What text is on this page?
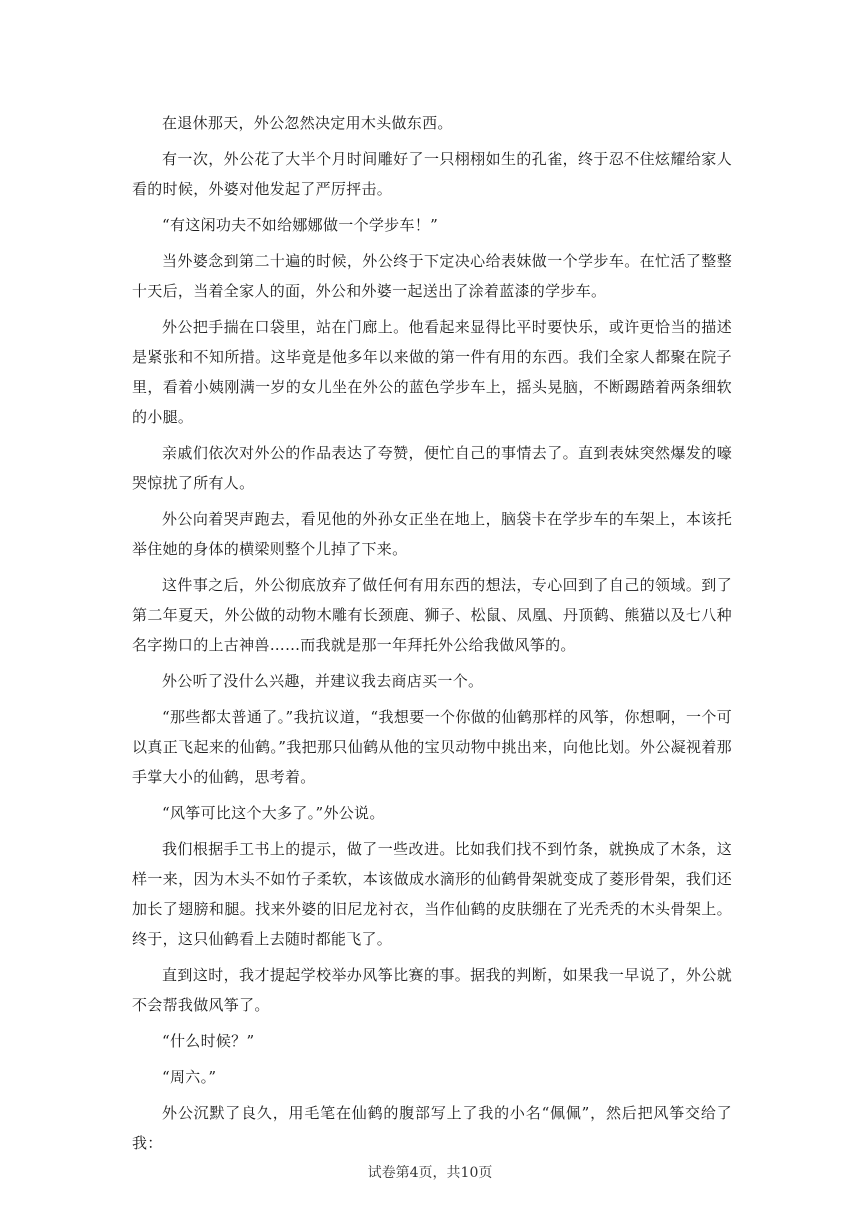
在退休那天，外公忽然决定用木头做东西。

有一次，外公花了大半个月时间雕好了一只栩栩如生的孔雀，终于忍不住炫耀给家人看的时候，外婆对他发起了严厉抨击。

“有这闲功夫不如给娜娜做一个学步车！”

当外婆念到第二十遍的时候，外公终于下定决心给表妹做一个学步车。在忙活了整整十天后，当着全家人的面，外公和外婆一起送出了涂着蓝漆的学步车。

外公把手揣在口袋里，站在门廊上。他看起来显得比平时要快乐，或许更恰当的描述是紧张和不知所措。这毕竟是他多年以来做的第一件有用的东西。我们全家人都聚在院子里，看着小姨刚满一岁的女儿坐在外公的蓝色学步车上，摇头晃脑，不断踢踏着两条细软的小腿。

亲戚们依次对外公的作品表达了夸赞，便忙自己的事情去了。直到表妹突然爆发的嚎哭惊扰了所有人。

外公向着哭声跑去，看见他的外孙女正坐在地上，脑袋卡在学步车的车架上，本该托举住她的身体的横梁则整个儿掉了下来。

这件事之后，外公彻底放弃了做任何有用东西的想法，专心回到了自己的领域。到了第二年夏天，外公做的动物木雕有长颈鹿、狮子、松鼠、凤凰、丹顶鹤、熊猫以及七八种名字拗口的上古神兽……而我就是那一年拜托外公给我做风筝的。

外公听了没什么兴趣，并建议我去商店买一个。

“那些都太普通了。”我抗议道，“我想要一个你做的仙鹤那样的风筝，你想啊，一个可以真正飞起来的仙鹤。”我把那只仙鹤从他的宝贝动物中挑出来，向他比划。外公凝视着那手掌大小的仙鹤，思考着。

“风筝可比这个大多了。”外公说。

我们根据手工书上的提示，做了一些改进。比如我们找不到竹条，就换成了木条，这样一来，因为木头不如竹子柔软，本该做成水滴形的仙鹤骨架就变成了菱形骨架，我们还加长了翅膀和腿。找来外婆的旧尼龙衬衣，当作仙鹤的皮肤绷在了光秃秃的木头骨架上。终于，这只仙鹤看上去随时都能飞了。

直到这时，我才提起学校举办风筝比赛的事。据我的判断，如果我一早说了，外公就不会帮我做风筝了。

“什么时候？”

“周六。”

外公沉默了良久，用毛笔在仙鹤的腹部写上了我的小名“佩佩”，然后把风筝交给了我：

试卷第4页，共10页
